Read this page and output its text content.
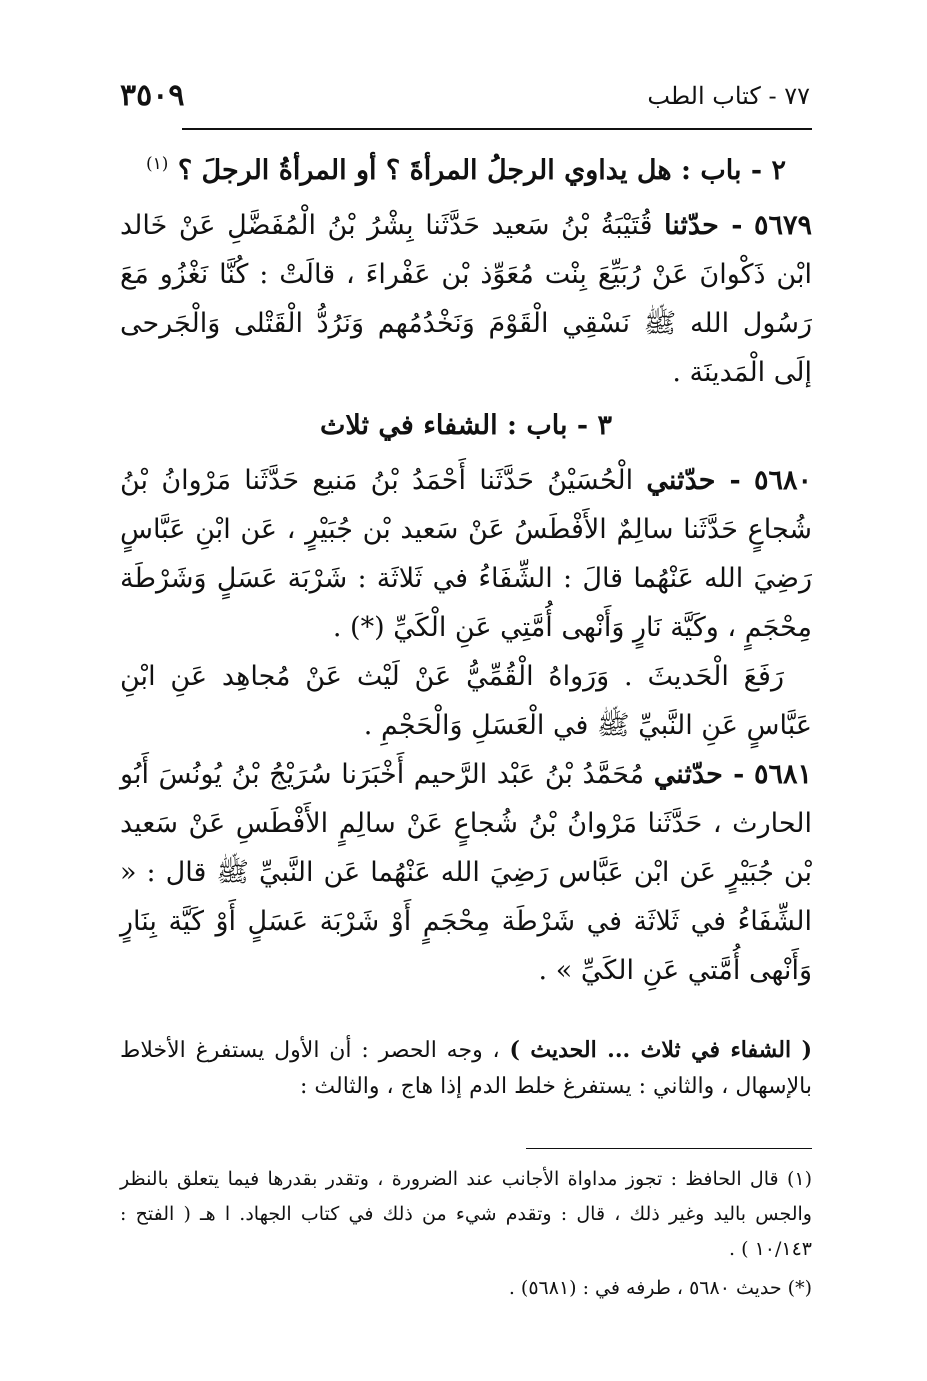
٧٧ - كتاب الطب
٣٥٠٩
٢ - باب : هل يداوي الرجلُ المرأةَ ؟ أو المرأةُ الرجلَ ؟ $^{(١)}$

٥٦٧٩ - حدّثنا قُتَيْبَةُ بْنُ سَعيد حَدَّثَنا بِشْرُ بْنُ الْمُفَضَّلِ عَنْ خَالد ابْن ذَكْوانَ عَنْ رُبَيِّعَ بِنْت مُعَوِّذ بْن عَفْراءَ ، قالَتْ : كُنَّا نَغْزُو مَعَ رَسُول الله ﷺ نَسْقِي الْقَوْمَ وَنَخْدُمُهم وَنَرُدُّ الْقَتْلى وَالْجَرحى إلَى الْمَدينَة .

٣ - باب : الشفاء في ثلاث

٥٦٨٠ - حدّثني الْحُسَيْنُ حَدَّثَنا أَحْمَدُ بْنُ مَنيع حَدَّثَنا مَرْوانُ بْنُ شُجاعٍ حَدَّثَنا سالِمٌ الأَفْطَسُ عَنْ سَعيد بْن جُبَيْرٍ ، عَن ابْنِ عَبَّاسٍ رَضِيَ الله عَنْهُما قالَ : الشِّفَاءُ في ثَلاثَة : شَرْبَة عَسَلٍ وَشَرْطَة مِحْجَمٍ ، وكَيَّة نَارٍ وَأَنْهى أُمَّتِي عَنِ الْكَيِّ (*) .

رَفَعَ الْحَديثَ . وَرَواهُ الْقُمِّيُّ عَنْ لَيْث عَنْ مُجاهِد عَنِ ابْنِ عَبَّاسٍ عَنِ النَّبيِّ ﷺ في الْعَسَلِ وَالْحَجْمِ .

٥٦٨١ - حدّثني مُحَمَّدُ بْنُ عَبْد الرَّحيم أَخْبَرَنا سُرَيْجُ بْنُ يُونُسَ أَبُو الحارث ، حَدَّثَنا مَرْوانُ بْنُ شُجاعٍ عَنْ سالِمٍ الأَفْطَسِ عَنْ سَعيد بْن جُبَيْرٍ عَن ابْن عَبَّاس رَضِيَ الله عَنْهُما عَن النَّبيِّ ﷺ قال : « الشِّفَاءُ في ثَلاثَة في شَرْطَة مِحْجَمٍ أَوْ شَرْبَة عَسَلٍ أَوْ كَيَّة بِنَارٍ وَأَنْهى أُمَّتي عَنِ الكَيِّ » .

( الشفاء في ثلاث ... الحديث ) ، وجه الحصر : أن الأول يستفرغ الأخلاط بالإسهال ، والثاني : يستفرغ خلط الدم إذا هاج ، والثالث :

(١) قال الحافظ : تجوز مداواة الأجانب عند الضرورة ، وتقدر بقدرها فيما يتعلق بالنظر والجس باليد وغير ذلك ، قال : وتقدم شيء من ذلك في كتاب الجهاد. ا هـ ( الفتح : ١٠/١٤٣ ) .

(*) حديث ٥٦٨٠ ، طرفه في : (٥٦٨١) .
